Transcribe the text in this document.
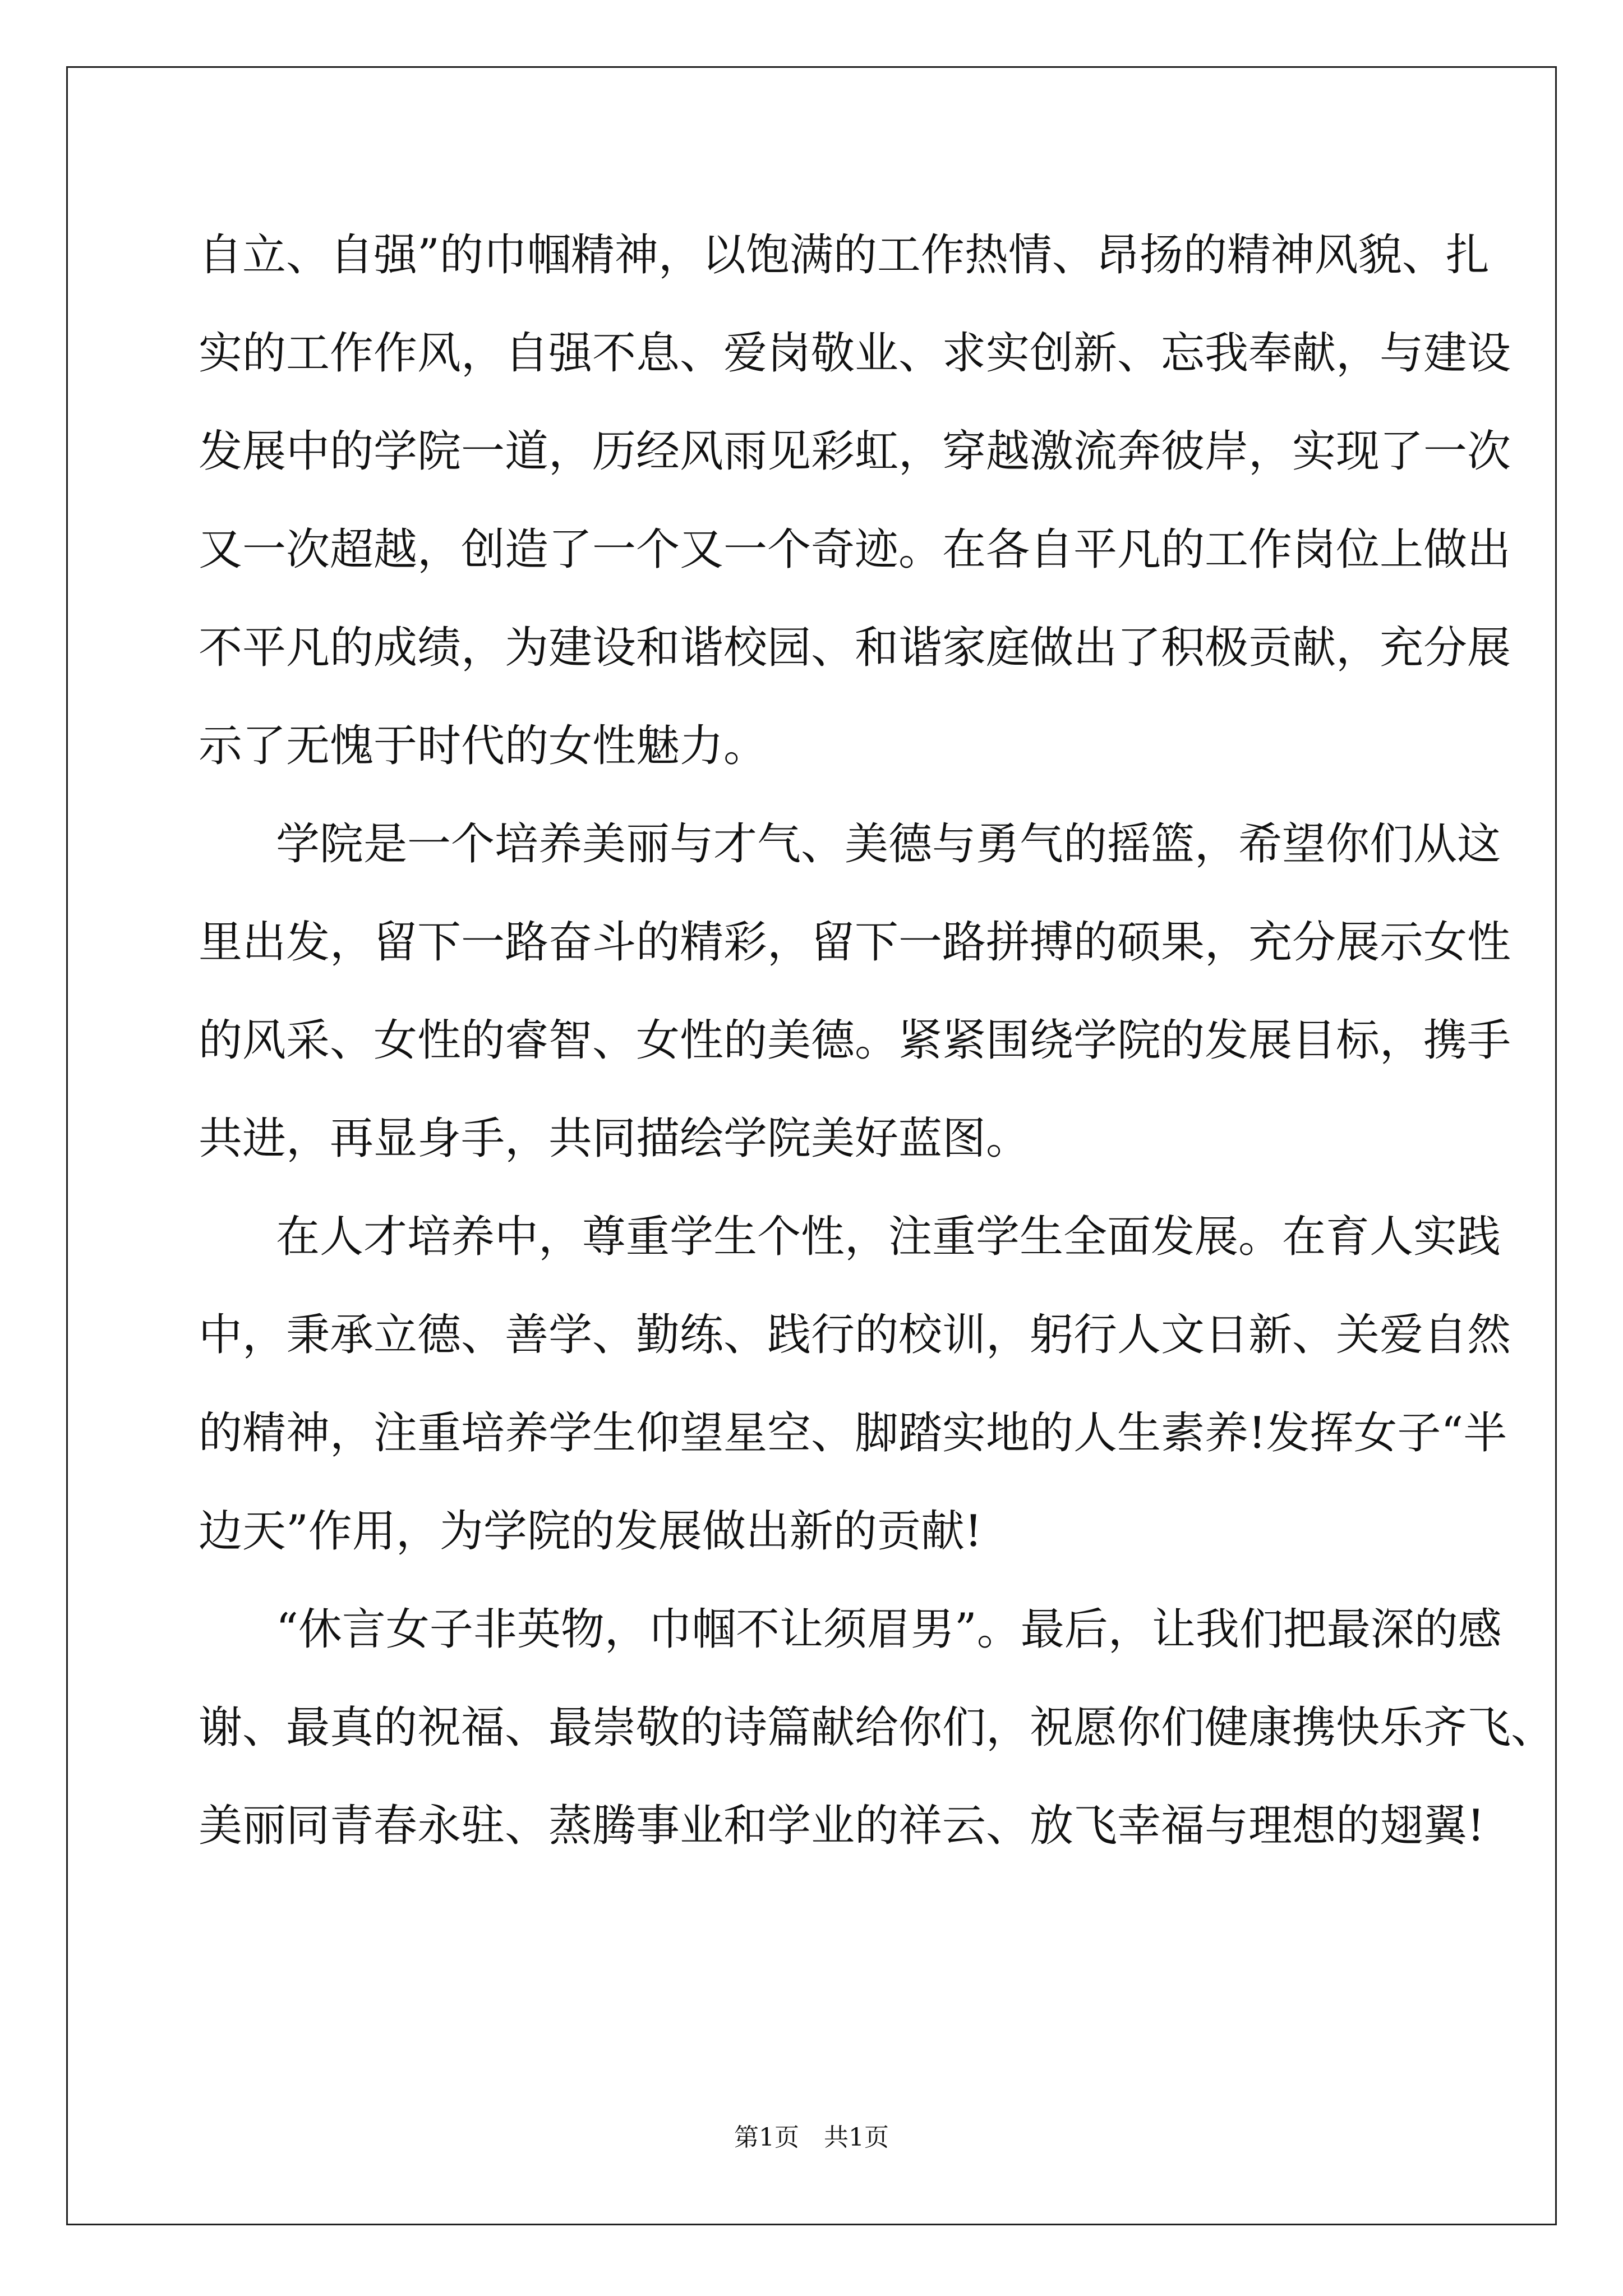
自立、自强”的巾帼精神，以饱满的工作热情、昂扬的精神风貌、扎
实的工作作风，自强不息、爱岗敬业、求实创新、忘我奉献，与建设
发展中的学院一道，历经风雨见彩虹，穿越激流奔彼岸，实现了一次
又一次超越，创造了一个又一个奇迹。在各自平凡的工作岗位上做出
不平凡的成绩，为建设和谐校园、和谐家庭做出了积极贡献，充分展
示了无愧于时代的女性魅力。
学院是一个培养美丽与才气、美德与勇气的摇篮，希望你们从这
里出发，留下一路奋斗的精彩，留下一路拼搏的硕果，充分展示女性
的风采、女性的睿智、女性的美德。紧紧围绕学院的发展目标，携手
共进，再显身手，共同描绘学院美好蓝图。
在人才培养中，尊重学生个性，注重学生全面发展。在育人实践
中，秉承立德、善学、勤练、践行的校训，躬行人文日新、关爱自然
的精神，注重培养学生仰望星空、脚踏实地的人生素养!发挥女子“半
边天”作用，为学院的发展做出新的贡献!
“休言女子非英物，巾帼不让须眉男”。最后，让我们把最深的感
谢、最真的祝福、最崇敬的诗篇献给你们，祝愿你们健康携快乐齐飞、
美丽同青春永驻、蒸腾事业和学业的祥云、放飞幸福与理想的翅翼!
第1页　共1页
